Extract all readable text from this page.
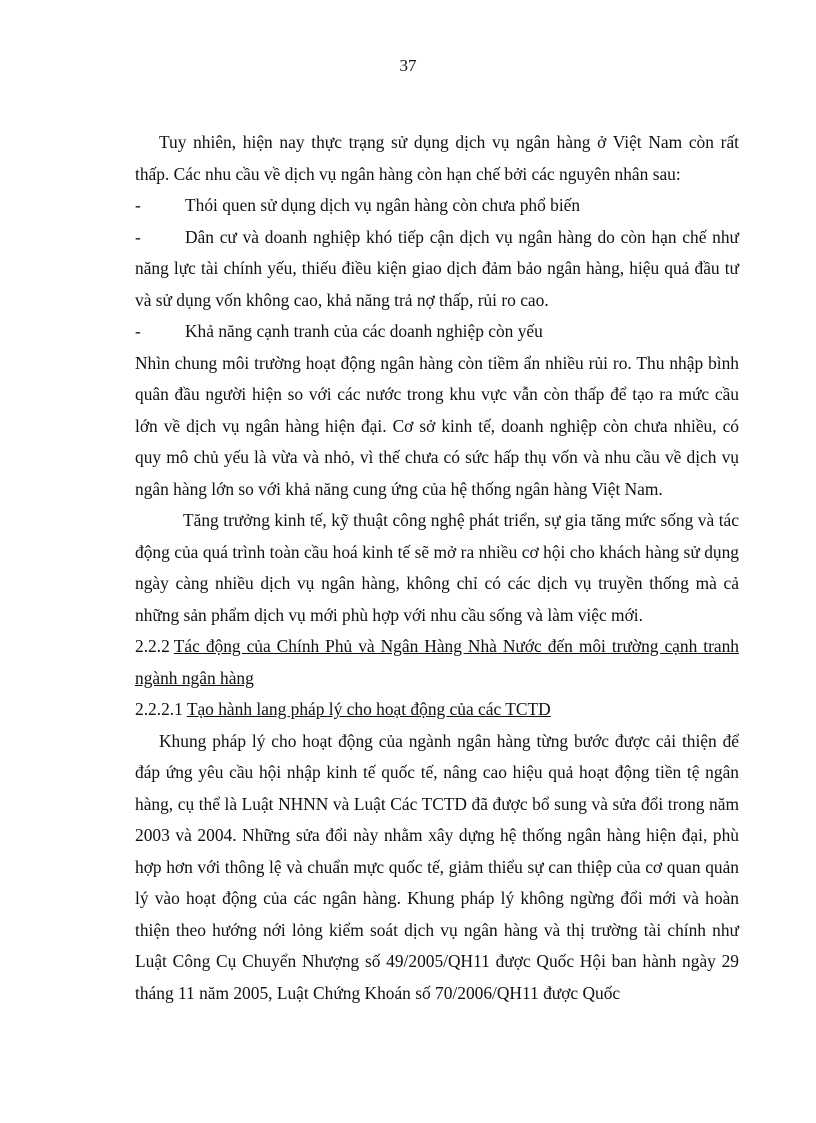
37

Tuy nhiên, hiện nay thực trạng sử dụng dịch vụ ngân hàng ở Việt Nam còn rất thấp. Các nhu cầu về dịch vụ ngân hàng còn hạn chế bởi các nguyên nhân sau:

-	Thói quen sử dụng dịch vụ ngân hàng còn chưa phổ biến
-	Dân cư và doanh nghiệp khó tiếp cận dịch vụ ngân hàng do còn hạn chế như năng lực tài chính yếu, thiếu điều kiện giao dịch đảm bảo ngân hàng, hiệu quả đầu tư và sử dụng vốn không cao, khả năng trả nợ thấp, rủi ro cao.
-	Khả năng cạnh tranh của các doanh nghiệp còn yếu

Nhìn chung môi trường hoạt động ngân hàng còn tiềm ẩn nhiều rủi ro. Thu nhập bình quân đầu người hiện so với các nước trong khu vực vẫn còn thấp để tạo ra mức cầu lớn về dịch vụ ngân hàng hiện đại. Cơ sở kinh tế, doanh nghiệp còn chưa nhiều, có quy mô chủ yếu là vừa và nhỏ, vì thế chưa có sức hấp thụ vốn và nhu cầu về dịch vụ ngân hàng lớn so với khả năng cung ứng của hệ thống ngân hàng Việt Nam.

Tăng trưởng kinh tế, kỹ thuật công nghệ phát triển, sự gia tăng mức sống và tác động của quá trình toàn cầu hoá kinh tế sẽ mở ra nhiều cơ hội cho khách hàng sử dụng ngày càng nhiều dịch vụ ngân hàng, không chỉ có các dịch vụ truyền thống mà cả những sản phẩm dịch vụ mới phù hợp với nhu cầu sống và làm việc mới.

2.2.2 Tác động của Chính Phủ và Ngân Hàng Nhà Nước đến môi trường cạnh tranh ngành ngân hàng

2.2.2.1 Tạo hành lang pháp lý cho hoạt động của các TCTD

Khung pháp lý cho hoạt động của ngành ngân hàng từng bước được cải thiện để đáp ứng yêu cầu hội nhập kinh tế quốc tế, nâng cao hiệu quả hoạt động tiền tệ ngân hàng, cụ thể là Luật NHNN và Luật Các TCTD đã được bổ sung và sửa đổi trong năm 2003 và 2004. Những sửa đổi này nhằm xây dựng hệ thống ngân hàng hiện đại, phù hợp hơn với thông lệ và chuẩn mực quốc tế, giảm thiểu sự can thiệp của cơ quan quản lý vào hoạt động của các ngân hàng. Khung pháp lý không ngừng đổi mới và hoàn thiện theo hướng nới lỏng kiểm soát dịch vụ ngân hàng và thị trường tài chính như Luật Công Cụ Chuyển Nhượng số 49/2005/QH11 được Quốc Hội ban hành ngày 29 tháng 11 năm 2005, Luật Chứng Khoán số 70/2006/QH11 được Quốc
